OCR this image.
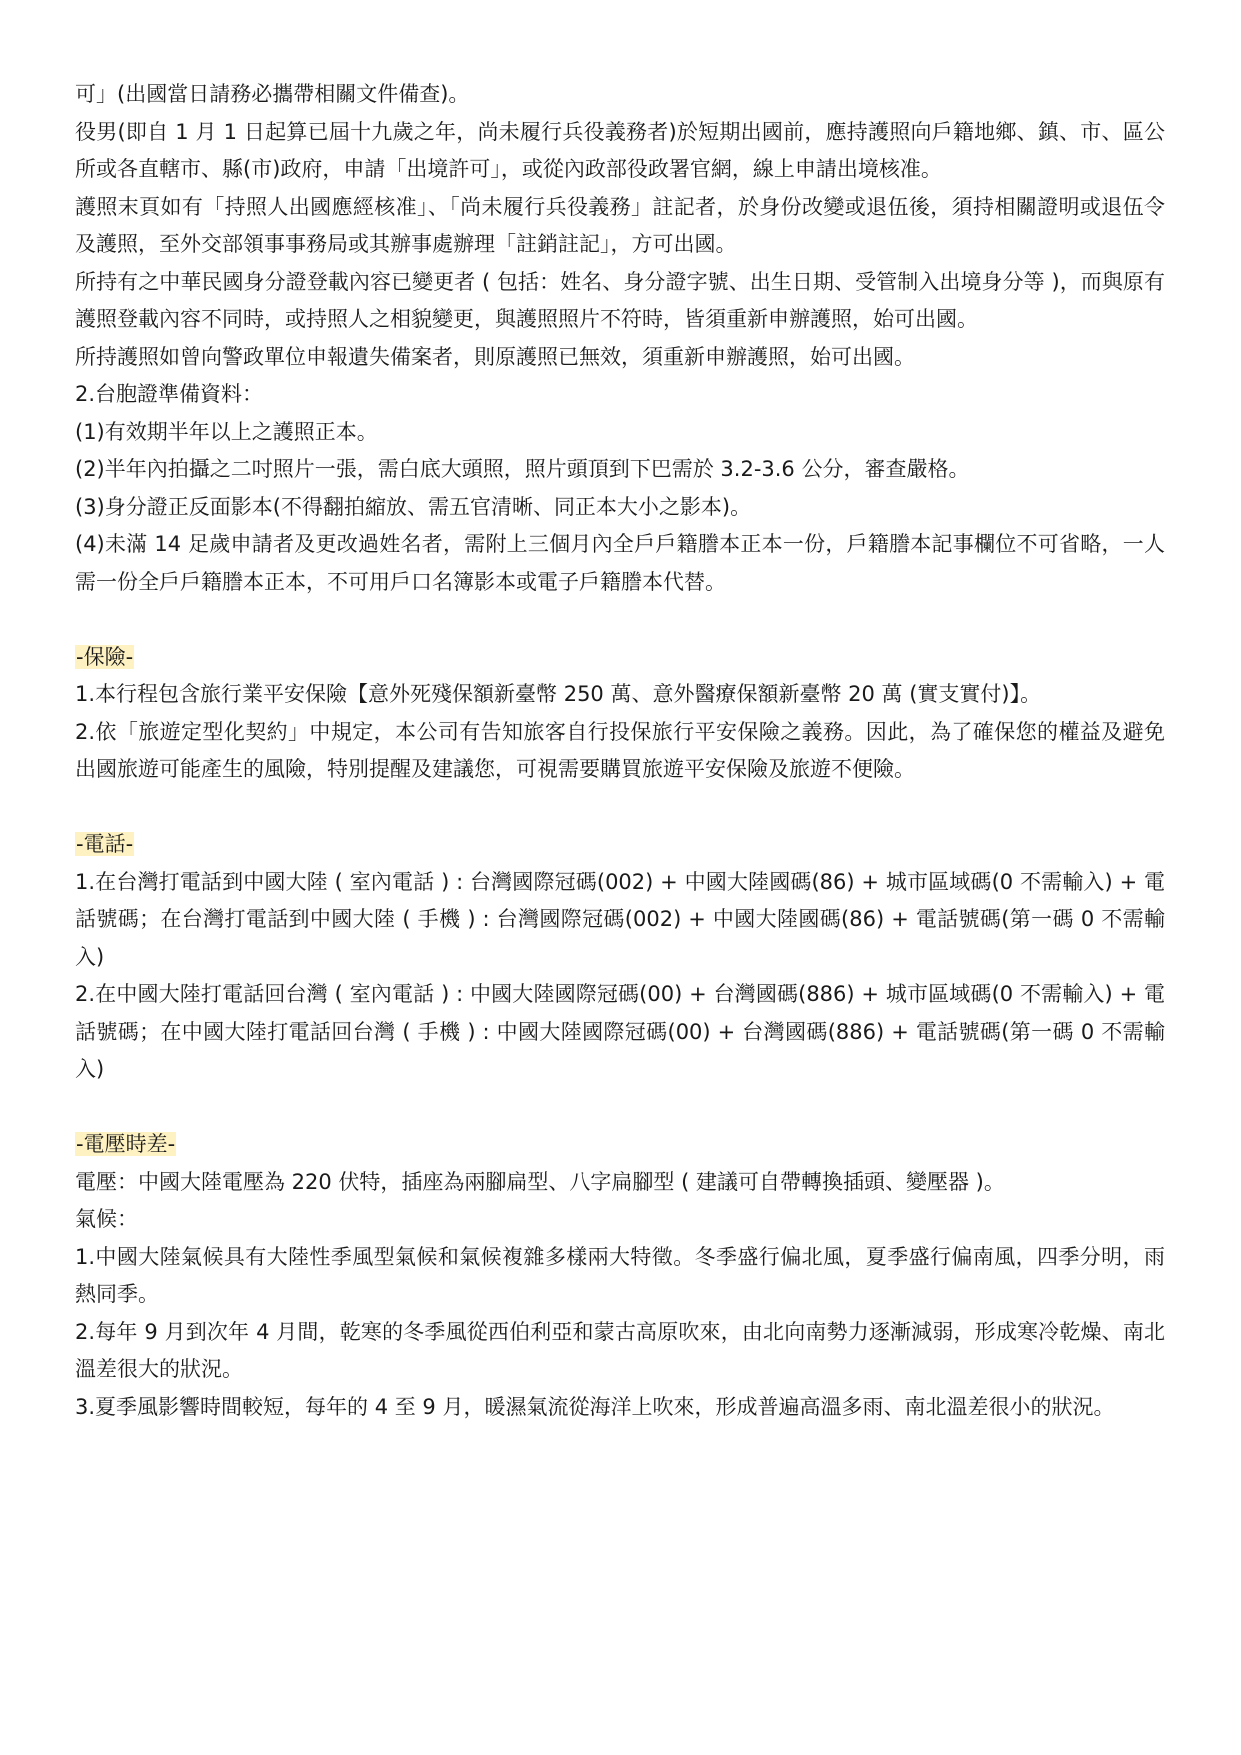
可」(出國當日請務必攜帶相關文件備查)。

役男(即自 1 月 1 日起算已屆十九歲之年，尚未履行兵役義務者)於短期出國前，應持護照向戶籍地鄉、鎮、市、區公所或各直轄市、縣(市)政府，申請「出境許可」，或從內政部役政署官網，線上申請出境核准。

護照末頁如有「持照人出國應經核准」、「尚未履行兵役義務」註記者，於身份改變或退伍後，須持相關證明或退伍令及護照，至外交部領事事務局或其辦事處辦理「註銷註記」，方可出國。

所持有之中華民國身分證登載內容已變更者 ( 包括：姓名、身分證字號、出生日期、受管制入出境身分等 )，而與原有護照登載內容不同時，或持照人之相貌變更，與護照照片不符時，皆須重新申辦護照，始可出國。

所持護照如曾向警政單位申報遺失備案者，則原護照已無效，須重新申辦護照，始可出國。

2.台胞證準備資料：

(1)有效期半年以上之護照正本。

(2)半年內拍攝之二吋照片一張，需白底大頭照，照片頭頂到下巴需於 3.2-3.6 公分，審查嚴格。

(3)身分證正反面影本(不得翻拍縮放、需五官清晰、同正本大小之影本)。

(4)未滿 14 足歲申請者及更改過姓名者，需附上三個月內全戶戶籍謄本正本一份，戶籍謄本記事欄位不可省略，一人需一份全戶戶籍謄本正本，不可用戶口名簿影本或電子戶籍謄本代替。

-保險-

1.本行程包含旅行業平安保險【意外死殘保額新臺幣 250 萬、意外醫療保額新臺幣 20 萬 (實支實付)】。

2.依「旅遊定型化契約」中規定，本公司有告知旅客自行投保旅行平安保險之義務。因此，為了確保您的權益及避免出國旅遊可能產生的風險，特別提醒及建議您，可視需要購買旅遊平安保險及旅遊不便險。

-電話-

1.在台灣打電話到中國大陸 ( 室內電話 ) : 台灣國際冠碼(002) + 中國大陸國碼(86) + 城市區域碼(0 不需輸入) + 電話號碼；在台灣打電話到中國大陸 ( 手機 ) : 台灣國際冠碼(002) + 中國大陸國碼(86) + 電話號碼(第一碼 0 不需輸入)

2.在中國大陸打電話回台灣 ( 室內電話 ) : 中國大陸國際冠碼(00) + 台灣國碼(886) + 城市區域碼(0 不需輸入) + 電話號碼；在中國大陸打電話回台灣 ( 手機 ) : 中國大陸國際冠碼(00) + 台灣國碼(886) + 電話號碼(第一碼 0 不需輸入)

-電壓時差-

電壓：中國大陸電壓為 220 伏特，插座為兩腳扁型、八字扁腳型 ( 建議可自帶轉換插頭、變壓器 )。

氣候：

1.中國大陸氣候具有大陸性季風型氣候和氣候複雜多樣兩大特徵。冬季盛行偏北風，夏季盛行偏南風，四季分明，雨熱同季。

2.每年 9 月到次年 4 月間，乾寒的冬季風從西伯利亞和蒙古高原吹來，由北向南勢力逐漸減弱，形成寒冷乾燥、南北溫差很大的狀況。

3.夏季風影響時間較短，每年的 4 至 9 月，暖濕氣流從海洋上吹來，形成普遍高溫多雨、南北溫差很小的狀況。
